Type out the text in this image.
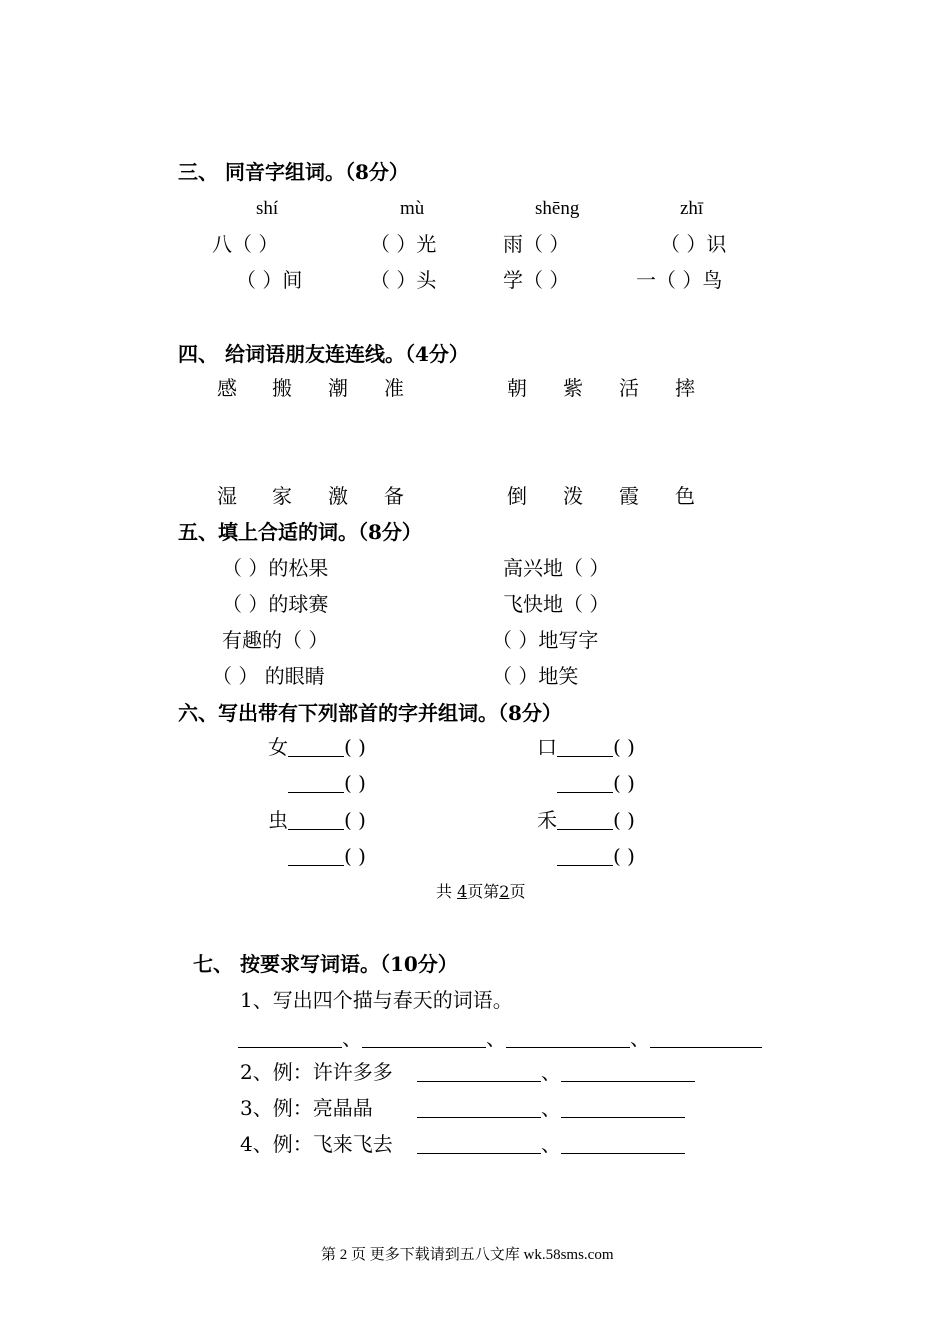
三、 同音字组词。（8分）
shí	mù	shēng	zhī
八（ ）	（ ）光	雨（ ）	（ ）识
（ ）间	（ ）头	学（ ）	一（ ）鸟
四、 给词语朋友连连线。（4分）
感 搬 潮 准	朝 紫 活 摔
湿 家 激 备	倒 泼 霞 色
五、填上合适的词。（8分）
（ ）的松果	高兴地（ ）
（ ）的球赛	飞快地（ ）
有趣的（ ）	（ ）地写字
（ ） 的眼睛	（ ）地笑
六、写出带有下列部首的字并组词。（8分）
女	( )	口	( )
( )	( )
虫	( )	禾	( )
( )	( )
共 4页第2页
七、 按要求写词语。（10分）
1、写出四个描与春天的词语。
、	、	、
2、例：许许多多	、
3、例：亮晶晶	、
4、例：飞来飞去	、
第 2 页 更多下载请到五八文库 wk.58sms.com
